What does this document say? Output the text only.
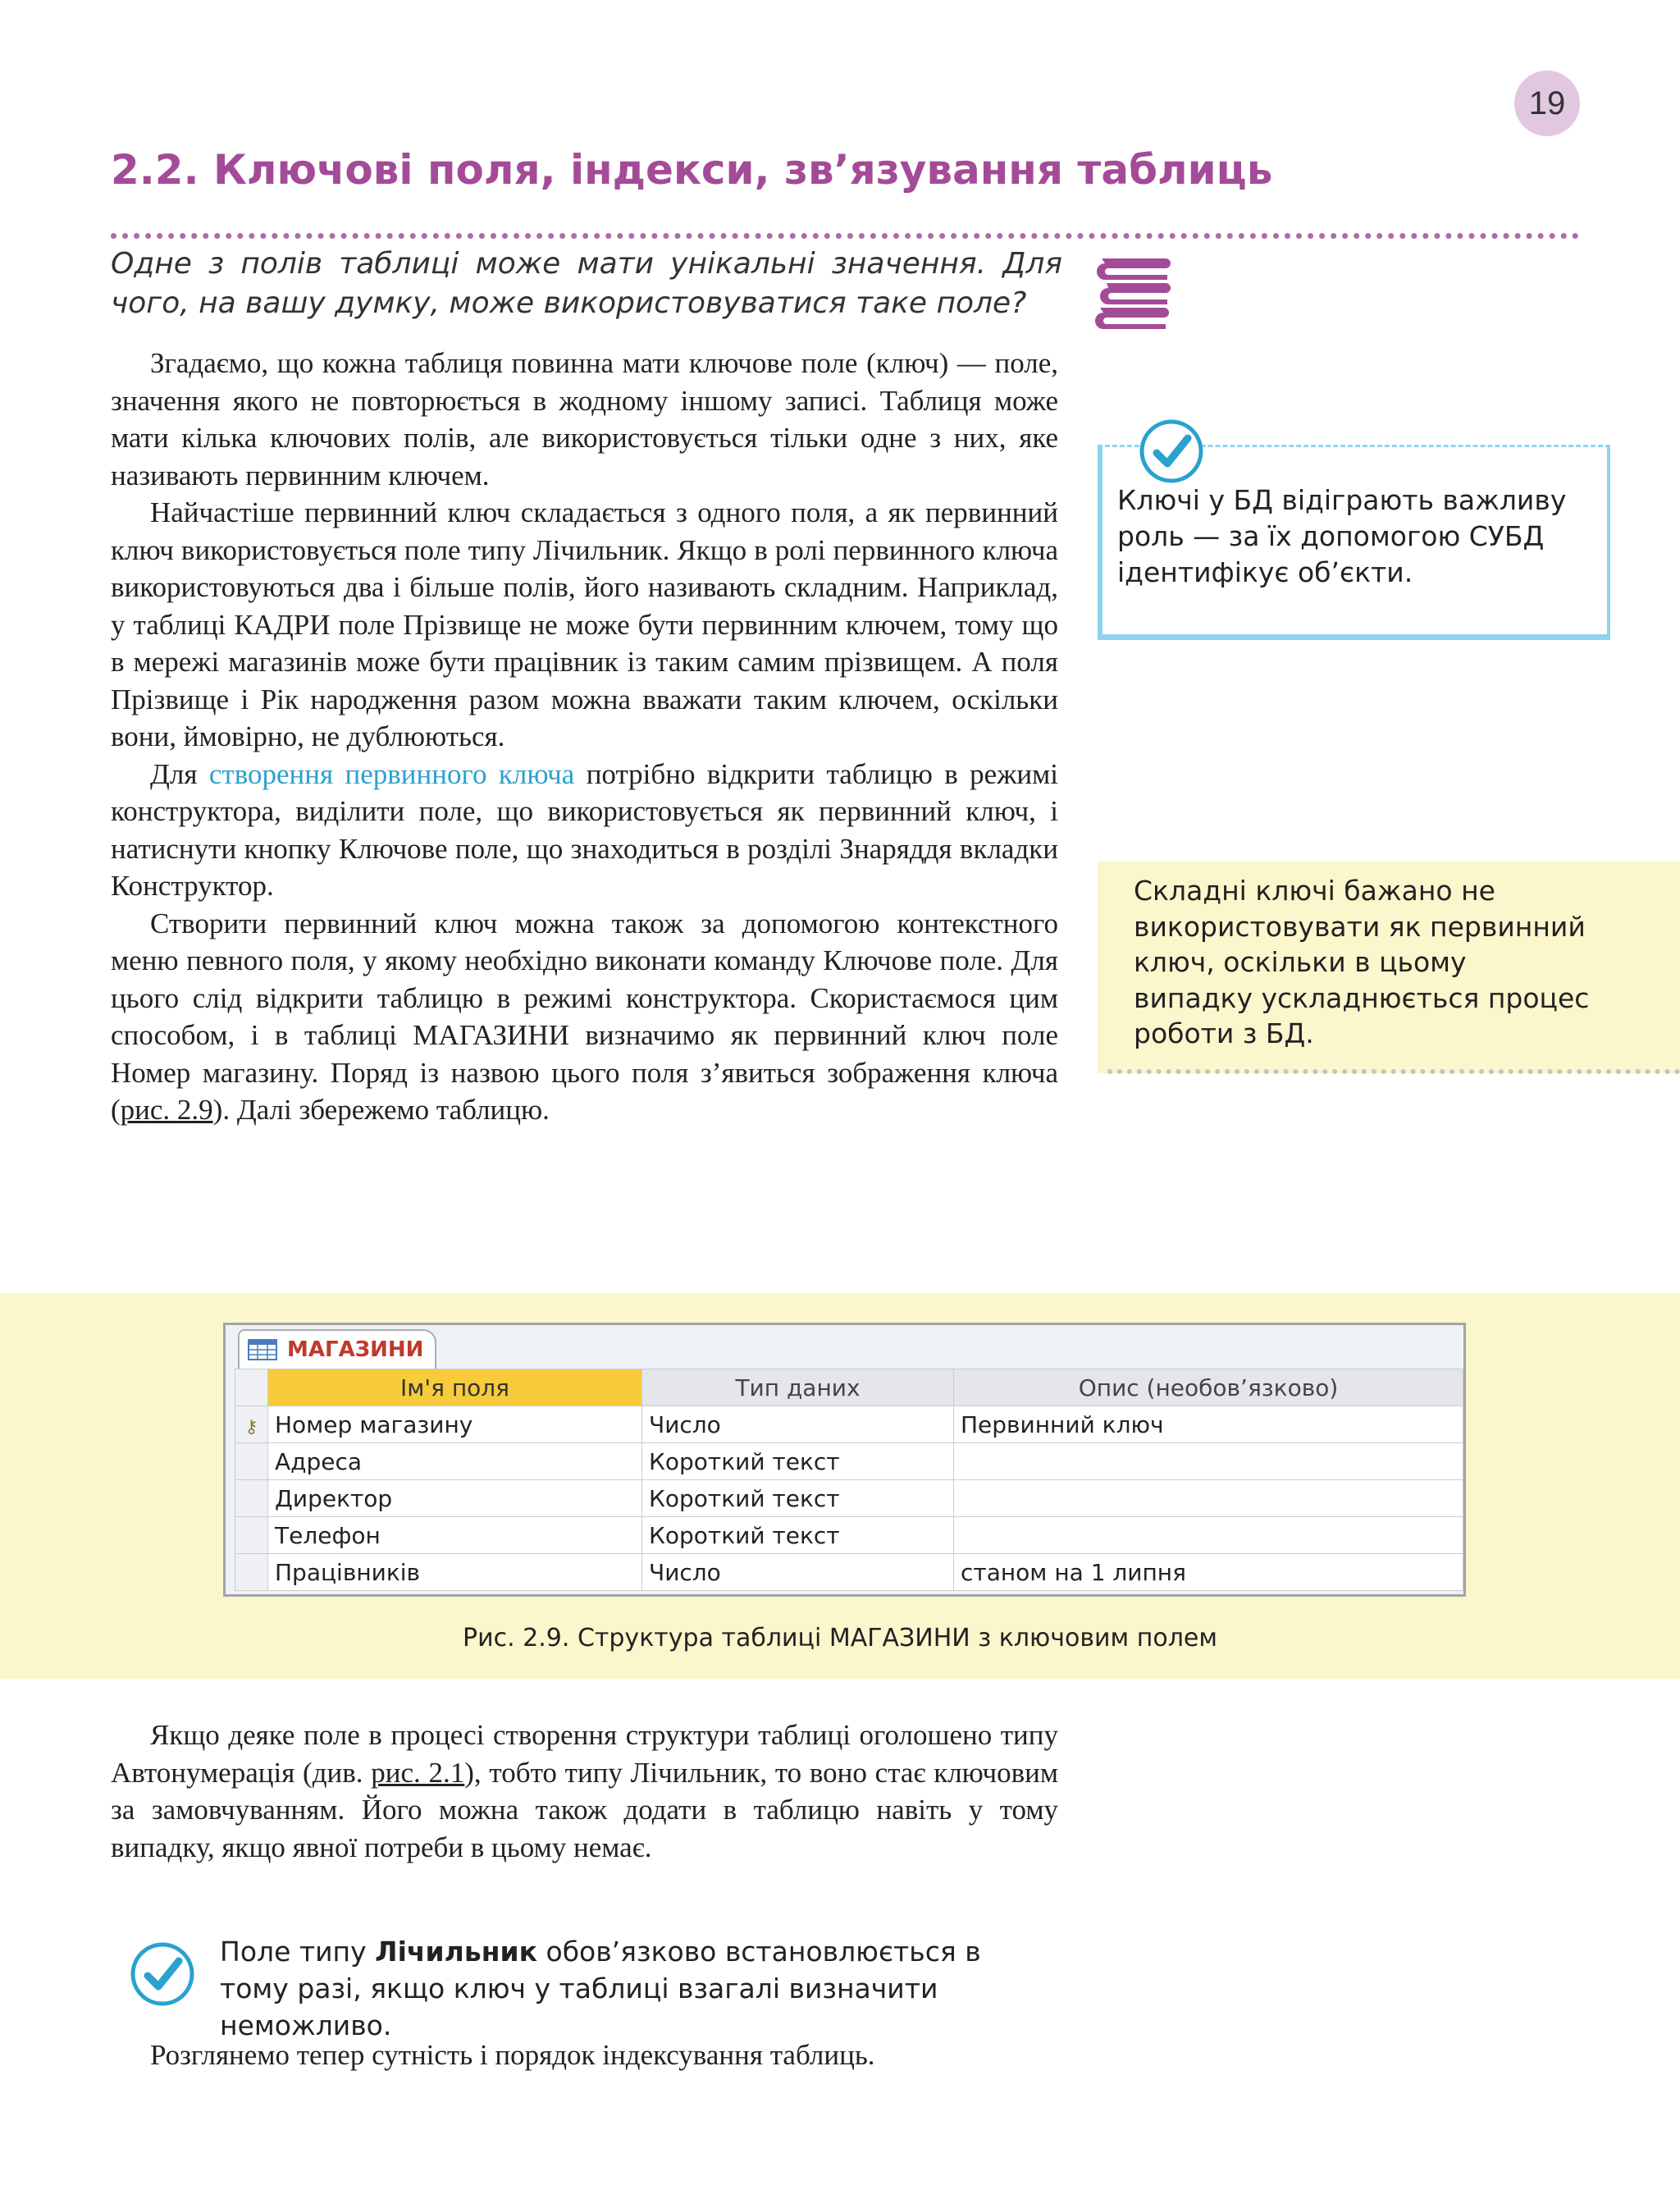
19
2.2. Ключові поля, індекси, зв’язування таблиць
Одне з полів таблиці може мати унікальні значення. Для чого, на вашу думку, може використовуватися таке поле?

Згадаємо, що кожна таблиця повинна мати ключове поле (ключ) — поле, значення якого не повторюється в жодному іншому записі. Таблиця може мати кілька ключових полів, але використовується тільки одне з них, яке називають первинним ключем.

Найчастіше первинний ключ складається з одного поля, а як первинний ключ використовується поле типу Лічильник. Якщо в ролі первинного ключа використовуються два і більше полів, його називають складним. Наприклад, у таблиці КАДРИ поле Прізвище не може бути первинним ключем, тому що в мережі магазинів може бути працівник із таким самим прізвищем. А поля Прізвище і Рік народження разом можна вважати таким ключем, оскільки вони, ймовірно, не дублюються.

Для створення первинного ключа потрібно відкрити таблицю в режимі конструктора, виділити поле, що використовується як первинний ключ, і натиснути кнопку Ключове поле, що знаходиться в розділі Знаряддя вкладки Конструктор.

Створити первинний ключ можна також за допомогою контекстного меню певного поля, у якому необхідно виконати команду Ключове поле. Для цього слід відкрити таблицю в режимі конструктора. Скористаємося цим способом, і в таблиці МАГАЗИНИ визначимо як первинний ключ поле Номер магазину. Поряд із назвою цього поля з’явиться зображення ключа (рис. 2.9). Далі збережемо таблицю.

Ключі у БД відіграють важливу роль — за їх допомогою СУБД ідентифікує об’єкти.
Складні ключі бажано не використовувати як первинний ключ, оскільки в цьому випадку ускладнюється процес роботи з БД.
МАГАЗИНИ
	Ім'я поля	Тип даних	Опис (необов’язково)
⚷	Номер магазину	Число	Первинний ключ
	Адреса	Короткий текст	
	Директор	Короткий текст	
	Телефон	Короткий текст	
	Працівників	Число	станом на 1 липня
Рис. 2.9. Структура таблиці МАГАЗИНИ з ключовим полем

Якщо деяке поле в процесі створення структури таблиці оголошено типу Автонумерація (див. рис. 2.1), тобто типу Лічильник, то воно стає ключовим за замовчуванням. Його можна також додати в таблицю навіть у тому випадку, якщо явної потреби в цьому немає.

Поле типу Лічильник обов’язково встановлюється в тому разі, якщо ключ у таблиці взагалі визначити неможливо.

Розглянемо тепер сутність і порядок індексування таблиць.
